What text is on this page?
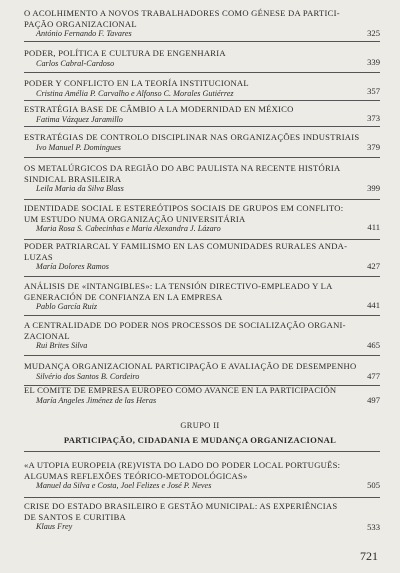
O ACOLHIMENTO A NOVOS TRABALHADORES COMO GÉNESE DA PARTICI-
PAÇÃO ORGANIZACIONAL

António Fernando F. Tavares	325

PODER, POLÍTICA E CULTURA DE ENGENHARIA

Carlos Cabral-Cardoso	339

PODER Y CONFLICTO EN LA TEORÍA INSTITUCIONAL

Cristina Amélia P. Carvalho e Alfonso C. Morales Gutiérrez	357

ESTRATÉGIA BASE DE CÂMBIO A LA MODERNIDAD EN MÉXICO

Fatima Vázquez Jaramillo	373

ESTRATÉGIAS DE CONTROLO DISCIPLINAR NAS ORGANIZAÇÕES INDUSTRIAIS

Ivo Manuel P. Domingues	379

OS METALÚRGICOS DA REGIÃO DO ABC PAULISTA NA RECENTE HISTÓRIA
SINDICAL BRASILEIRA

Leila Maria da Silva Blass	399

IDENTIDADE SOCIAL E ESTEREÓTIPOS SOCIAIS DE GRUPOS EM CONFLITO:
UM ESTUDO NUMA ORGANIZAÇÃO UNIVERSITÁRIA

Maria Rosa S. Cabecinhas e Maria Alexandra J. Lázaro	411

PODER PATRIARCAL Y FAMILISMO EN LAS COMUNIDADES RURALES ANDA-
LUZAS

María Dolores Ramos	427

ANÁLISIS DE «INTANGIBLES»: LA TENSIÓN DIRECTIVO-EMPLEADO Y LA
GENERACIÓN DE CONFIANZA EN LA EMPRESA

Pablo García Ruiz	441

A CENTRALIDADE DO PODER NOS PROCESSOS DE SOCIALIZAÇÃO ORGANI-
ZACIONAL

Rui Brites Silva	465

MUDANÇA ORGANIZACIONAL PARTICIPAÇÃO E AVALIAÇÃO DE DESEMPENHO

Silvério dos Santos B. Cordeiro	477

EL COMITE DE EMPRESA EUROPEO COMO AVANCE EN LA PARTICIPACIÓN

María Angeles Jiménez de las Heras	497
GRUPO II
PARTICIPAÇÃO, CIDADANIA E MUDANÇA ORGANIZACIONAL

«A UTOPIA EUROPEIA (RE)VISTA DO LADO DO PODER LOCAL PORTUGUÊS:
ALGUMAS REFLEXÕES TEÓRICO-METODOLÓGICAS»

Manuel da Silva e Costa, Joel Felizes e José P. Neves	505

CRISE DO ESTADO BRASILEIRO E GESTÃO MUNICIPAL: AS EXPERIÊNCIAS
DE SANTOS E CURITIBA

Klaus Frey	533
721
